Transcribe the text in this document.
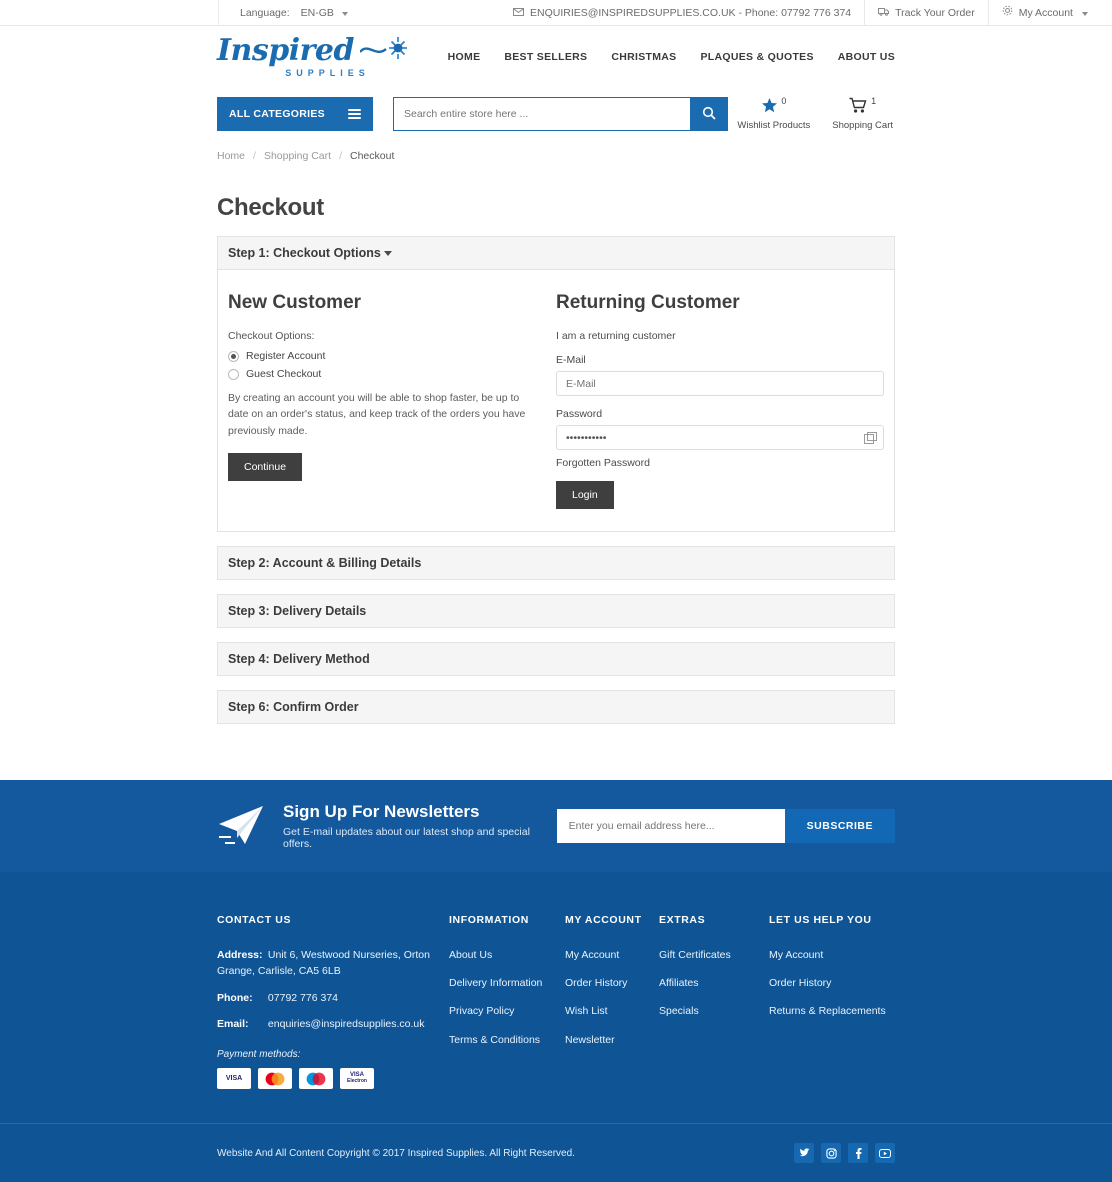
Language: EN-GB	ENQUIRIES@INSPIREDSUPPLIES.CO.UK - Phone: 07792 776 374	Track Your Order	My Account
Inspired
SUPPLIES
HOME BEST SELLERS CHRISTMAS PLAQUES & QUOTES ABOUT US
ALL CATEGORIES
Search entire store here ...
0
Wishlist Products
1
Shopping Cart
Home / Shopping Cart / Checkout
Checkout
Step 1: Checkout Options
New Customer
Checkout Options:
Register Account
Guest Checkout

By creating an account you will be able to shop faster, be up to date on an order's status, and keep track of the orders you have previously made.

Continue
Returning Customer
I am a returning customer
E-Mail
E-Mail
Password
•••••••••••
Forgotten Password
Login
Step 2: Account & Billing Details
Step 3: Delivery Details
Step 4: Delivery Method
Step 6: Confirm Order
Sign Up For Newsletters

Get E-mail updates about our latest shop and special offers.

Enter you email address here...
SUBSCRIBE
CONTACT US
Address: Unit 6, Westwood Nurseries, Orton Grange, Carlisle, CA5 6LB
Phone: 07792 776 374
Email: enquiries@inspiredsupplies.co.uk
Payment methods:
VISA	VISA
Electron
INFORMATION
About Us
Delivery Information
Privacy Policy
Terms & Conditions
MY ACCOUNT
My Account
Order History
Wish List
Newsletter
EXTRAS
Gift Certificates
Affiliates
Specials
LET US HELP YOU
My Account
Order History
Returns & Replacements
Website And All Content Copyright © 2017 Inspired Supplies. All Right Reserved.
